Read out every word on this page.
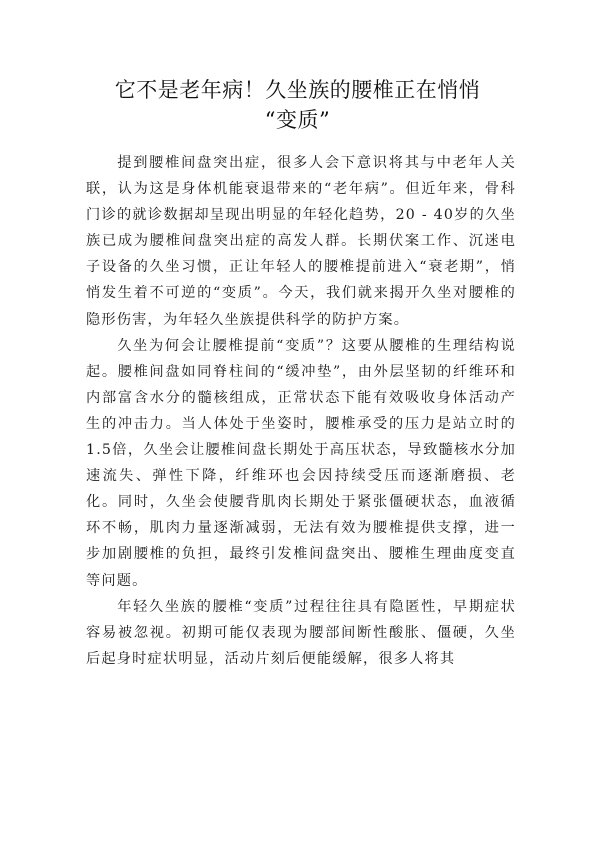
它不是老年病！久坐族的腰椎正在悄悄
“变质”

提到腰椎间盘突出症，很多人会下意识将其与中老年人关联，认为这是身体机能衰退带来的“老年病”。但近年来，骨科门诊的就诊数据却呈现出明显的年轻化趋势，20 - 40岁的久坐族已成为腰椎间盘突出症的高发人群。长期伏案工作、沉迷电子设备的久坐习惯，正让年轻人的腰椎提前进入“衰老期”，悄悄发生着不可逆的“变质”。今天，我们就来揭开久坐对腰椎的隐形伤害，为年轻久坐族提供科学的防护方案。

久坐为何会让腰椎提前“变质”？这要从腰椎的生理结构说起。腰椎间盘如同脊柱间的“缓冲垫”，由外层坚韧的纤维环和内部富含水分的髓核组成，正常状态下能有效吸收身体活动产生的冲击力。当人体处于坐姿时，腰椎承受的压力是站立时的1.5倍，久坐会让腰椎间盘长期处于高压状态，导致髓核水分加速流失、弹性下降，纤维环也会因持续受压而逐渐磨损、老化。同时，久坐会使腰背肌肉长期处于紧张僵硬状态，血液循环不畅，肌肉力量逐渐减弱，无法有效为腰椎提供支撑，进一步加剧腰椎的负担，最终引发椎间盘突出、腰椎生理曲度变直等问题。

年轻久坐族的腰椎“变质”过程往往具有隐匿性，早期症状容易被忽视。初期可能仅表现为腰部间断性酸胀、僵硬，久坐后起身时症状明显，活动片刻后便能缓解，很多人将其
